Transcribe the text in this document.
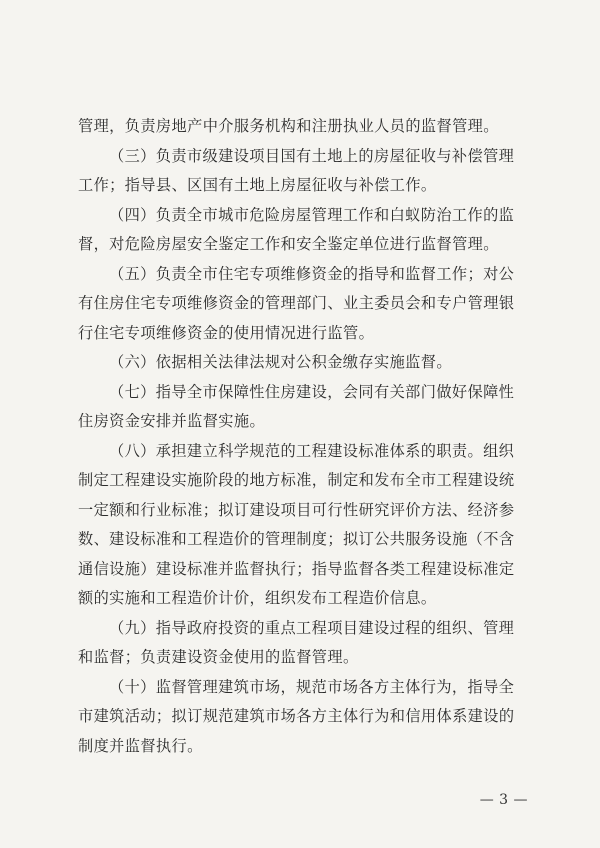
管理，负责房地产中介服务机构和注册执业人员的监督管理。
（三）负责市级建设项目国有土地上的房屋征收与补偿管理
工作；指导县、区国有土地上房屋征收与补偿工作。
（四）负责全市城市危险房屋管理工作和白蚁防治工作的监
督，对危险房屋安全鉴定工作和安全鉴定单位进行监督管理。
（五）负责全市住宅专项维修资金的指导和监督工作；对公
有住房住宅专项维修资金的管理部门、业主委员会和专户管理银
行住宅专项维修资金的使用情况进行监管。
（六）依据相关法律法规对公积金缴存实施监督。
（七）指导全市保障性住房建设，会同有关部门做好保障性
住房资金安排并监督实施。
（八）承担建立科学规范的工程建设标准体系的职责。组织
制定工程建设实施阶段的地方标准，制定和发布全市工程建设统
一定额和行业标准；拟订建设项目可行性研究评价方法、经济参
数、建设标准和工程造价的管理制度；拟订公共服务设施（不含
通信设施）建设标准并监督执行；指导监督各类工程建设标准定
额的实施和工程造价计价，组织发布工程造价信息。
（九）指导政府投资的重点工程项目建设过程的组织、管理
和监督；负责建设资金使用的监督管理。
（十）监督管理建筑市场，规范市场各方主体行为，指导全
市建筑活动；拟订规范建筑市场各方主体行为和信用体系建设的
制度并监督执行。
— 3 —
